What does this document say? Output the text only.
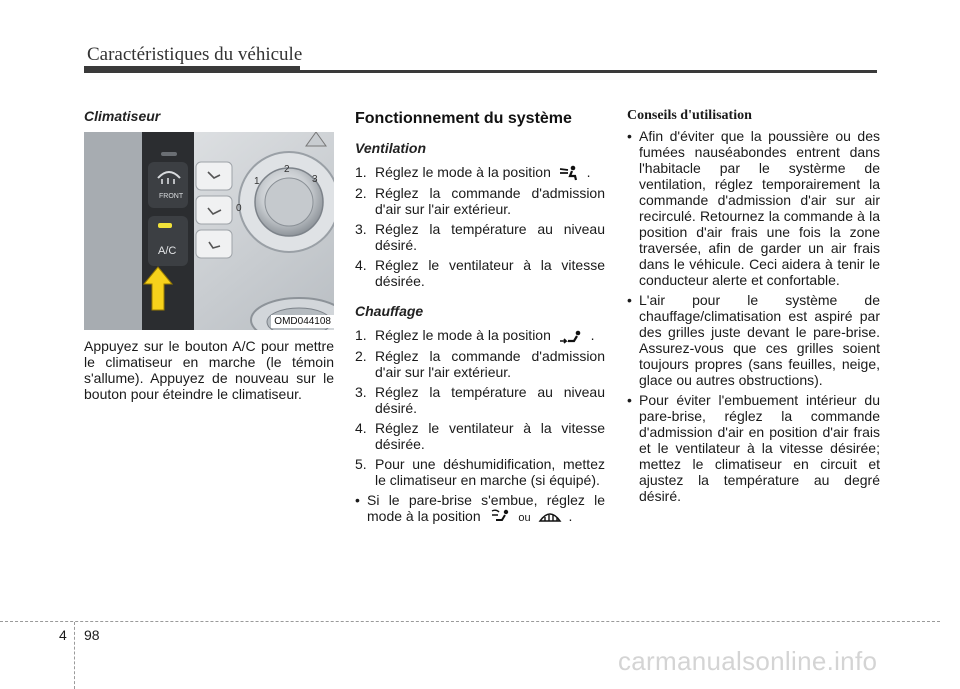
Caractéristiques du véhicule
Climatiseur
FRONT
A/C
1
2
3
0
OMD044108

Appuyez sur le bouton A/C pour mettre le climatiseur en marche (le témoin s'allume). Appuyez de nouveau sur le bouton pour éteindre le climatiseur.

Fonctionnement du système
Ventilation
1. Réglez le mode à la position	.
2. Réglez la commande d'admission d'air sur l'air extérieur.
3. Réglez la température au niveau désiré.
4. Réglez le ventilateur à la vitesse désirée.
Chauffage
1. Réglez le mode à la position	.
2. Réglez la commande d'admission d'air sur l'air extérieur.
3. Réglez la température au niveau désiré.
4. Réglez le ventilateur à la vitesse désirée.
5. Pour une déshumidification, mettez le climatiseur en marche (si équipé).
• Si le pare-brise s'embue, réglez le mode à la position	ou	.
Conseils d'utilisation
• Afin d'éviter que la poussière ou des fumées nauséabondes entrent dans l'habitacle par le systèrme de ventilation, réglez temporairement la commande d'admission d'air sur air recirculé. Retournez la commande à la position d'air frais une fois la zone traversée, afin de garder un air frais dans le véhicule. Ceci aidera à tenir le conducteur alerte et confortable.
• L'air pour le système de chauffage/climatisation est aspiré par des grilles juste devant le pare-brise. Assurez-vous que ces grilles soient toujours propres (sans feuilles, neige, glace ou autres obstructions).
• Pour éviter l'embuement intérieur du pare-brise, réglez la commande d'admission d'air en position d'air frais et le ventilateur à la vitesse désirée; mettez le climatiseur en circuit et ajustez la température au degré désiré.
4 98
carmanualsonline.info
